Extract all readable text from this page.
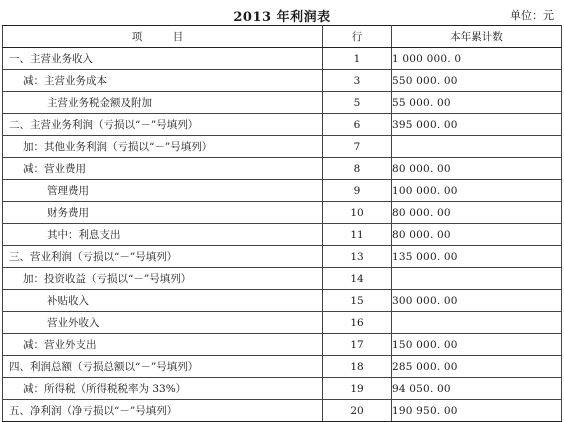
2013 年利润表	单位：元
项　目	行	本年累计数
一、主营业务收入	1	1 000 000. 0
减：主营业务成本	3	550 000. 00
主营业务税金额及附加	5	55 000. 00
二、主营业务利润（亏损以“－”号填列）	6	395 000. 00
加：其他业务利润（亏损以“－”号填列）	7	
减：营业费用	8	80 000. 00
管理费用	9	100 000. 00
财务费用	10	80 000. 00
其中：利息支出	11	80 000. 00
三、营业利润（亏损以“－”号填列）	13	135 000. 00
加：投资收益（亏损以“－”号填列）	14	
补贴收入	15	300 000. 00
营业外收入	16	
减：营业外支出	17	150 000. 00
四、利润总额（亏损总额以“－”号填列）	18	285 000. 00
减：所得税（所得税税率为 33%）	19	94 050. 00
五、净利润（净亏损以“－”号填列）	20	190 950. 00
